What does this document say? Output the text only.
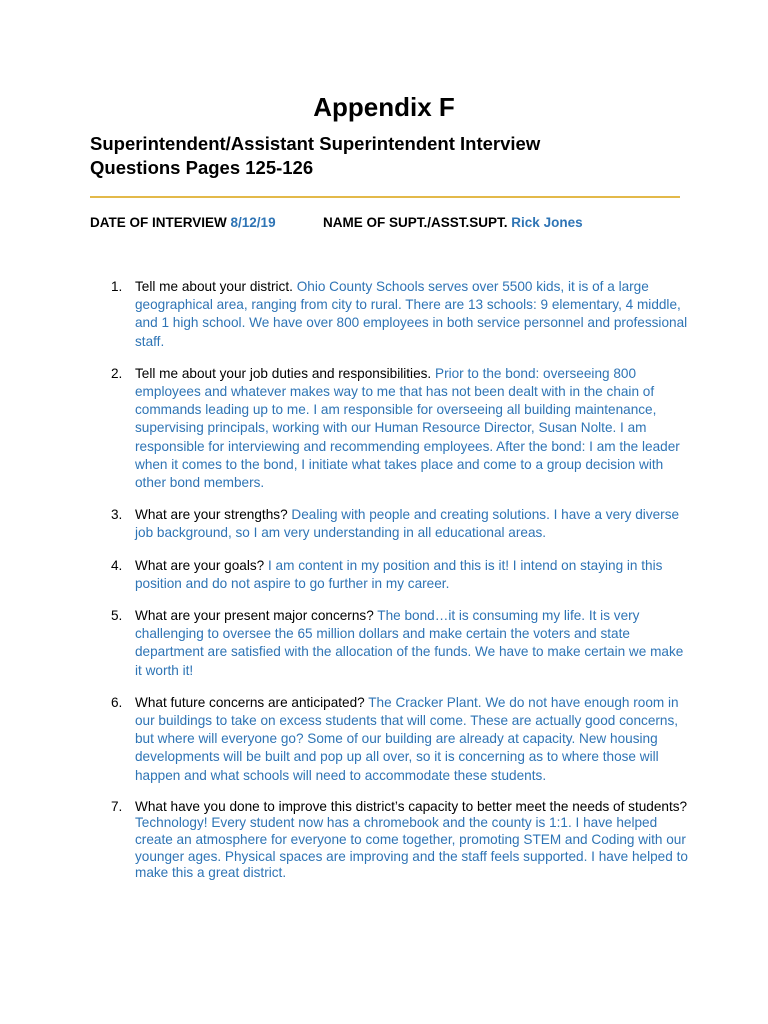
Appendix F
Superintendent/Assistant Superintendent Interview
Questions Pages 125-126
DATE OF INTERVIEW 8/12/19	NAME OF SUPT./ASST.SUPT. Rick Jones
1. Tell me about your district. Ohio County Schools serves over 5500 kids, it is of a large geographical area, ranging from city to rural. There are 13 schools: 9 elementary, 4 middle, and 1 high school. We have over 800 employees in both service personnel and professional staff.
2. Tell me about your job duties and responsibilities. Prior to the bond: overseeing 800 employees and whatever makes way to me that has not been dealt with in the chain of commands leading up to me. I am responsible for overseeing all building maintenance, supervising principals, working with our Human Resource Director, Susan Nolte. I am responsible for interviewing and recommending employees. After the bond: I am the leader when it comes to the bond, I initiate what takes place and come to a group decision with other bond members.
3. What are your strengths? Dealing with people and creating solutions. I have a very diverse job background, so I am very understanding in all educational areas.
4. What are your goals? I am content in my position and this is it! I intend on staying in this position and do not aspire to go further in my career.
5. What are your present major concerns? The bond…it is consuming my life. It is very challenging to oversee the 65 million dollars and make certain the voters and state department are satisfied with the allocation of the funds. We have to make certain we make it worth it!
6. What future concerns are anticipated? The Cracker Plant. We do not have enough room in our buildings to take on excess students that will come. These are actually good concerns, but where will everyone go? Some of our building are already at capacity. New housing developments will be built and pop up all over, so it is concerning as to where those will happen and what schools will need to accommodate these students.
7. What have you done to improve this district’s capacity to better meet the needs of students? Technology! Every student now has a chromebook and the county is 1:1. I have helped create an atmosphere for everyone to come together, promoting STEM and Coding with our younger ages. Physical spaces are improving and the staff feels supported. I have helped to make this a great district.
